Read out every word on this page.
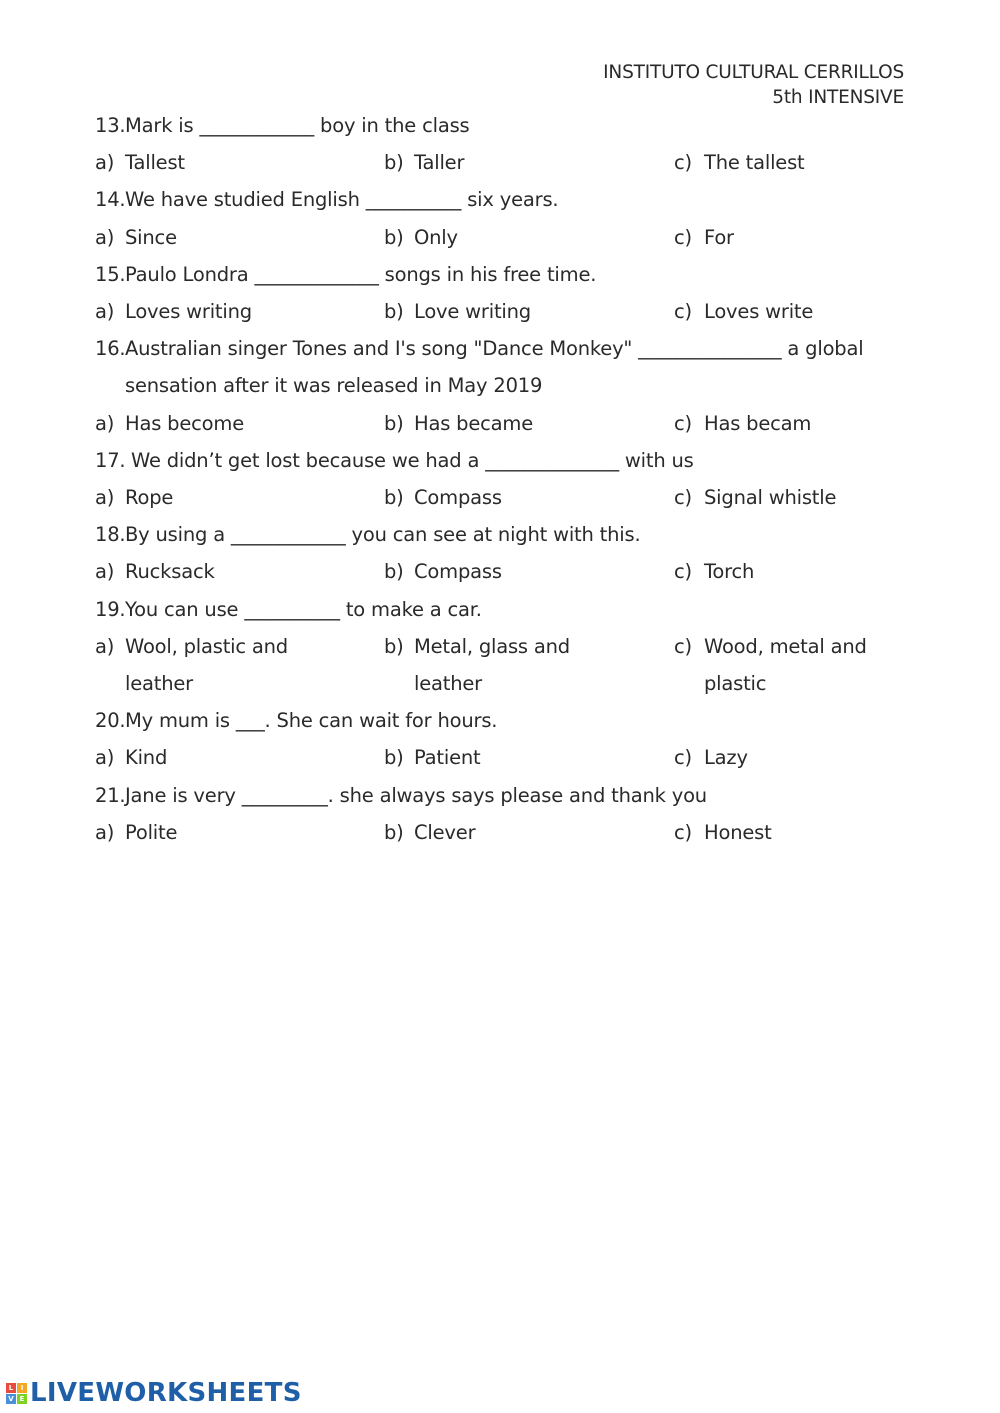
INSTITUTO CULTURAL CERRILLOS
5th INTENSIVE
13. Mark is ____________ boy in the class
a) Tallest	b) Taller	c) The tallest
14. We have studied English __________ six years.
a) Since	b) Only	c) For
15. Paulo Londra _____________ songs in his free time.
a) Loves writing	b) Love writing	c) Loves write
16. Australian singer Tones and I's song "Dance Monkey" _______________ a global sensation after it was released in May 2019
a) Has become	b) Has became	c) Has becam
17. We didn’t get lost because we had a ______________ with us
a) Rope	b) Compass	c) Signal whistle
18. By using a ____________ you can see at night with this.
a) Rucksack	b) Compass	c) Torch
19. You can use __________ to make a car.
a) Wool, plastic and leather
b) Metal, glass and leather
c) Wood, metal and plastic
20. My mum is ___. She can wait for hours.
a) Kind	b) Patient	c) Lazy
21. Jane is very _________. she always says please and thank you
a) Polite	b) Clever	c) Honest
L	I
V E LIVEWORKSHEETS
